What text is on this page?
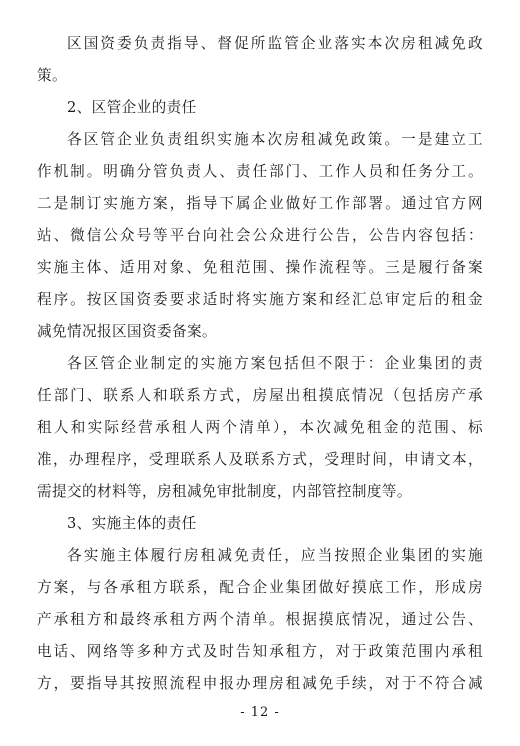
区国资委负责指导、督促所监管企业落实本次房租减免政
策。

2、区管企业的责任

各区管企业负责组织实施本次房租减免政策。一是建立工
作机制。明确分管负责人、责任部门、工作人员和任务分工。
二是制订实施方案，指导下属企业做好工作部署。通过官方网
站、微信公众号等平台向社会公众进行公告，公告内容包括：
实施主体、适用对象、免租范围、操作流程等。三是履行备案
程序。按区国资委要求适时将实施方案和经汇总审定后的租金
减免情况报区国资委备案。

各区管企业制定的实施方案包括但不限于：企业集团的责
任部门、联系人和联系方式，房屋出租摸底情况（包括房产承
租人和实际经营承租人两个清单），本次减免租金的范围、标
准，办理程序，受理联系人及联系方式，受理时间，申请文本，
需提交的材料等，房租减免审批制度，内部管控制度等。

3、实施主体的责任

各实施主体履行房租减免责任，应当按照企业集团的实施
方案，与各承租方联系，配合企业集团做好摸底工作，形成房
产承租方和最终承租方两个清单。根据摸底情况，通过公告、
电话、网络等多种方式及时告知承租方，对于政策范围内承租
方，要指导其按照流程申报办理房租减免手续，对于不符合减

- 12 -
